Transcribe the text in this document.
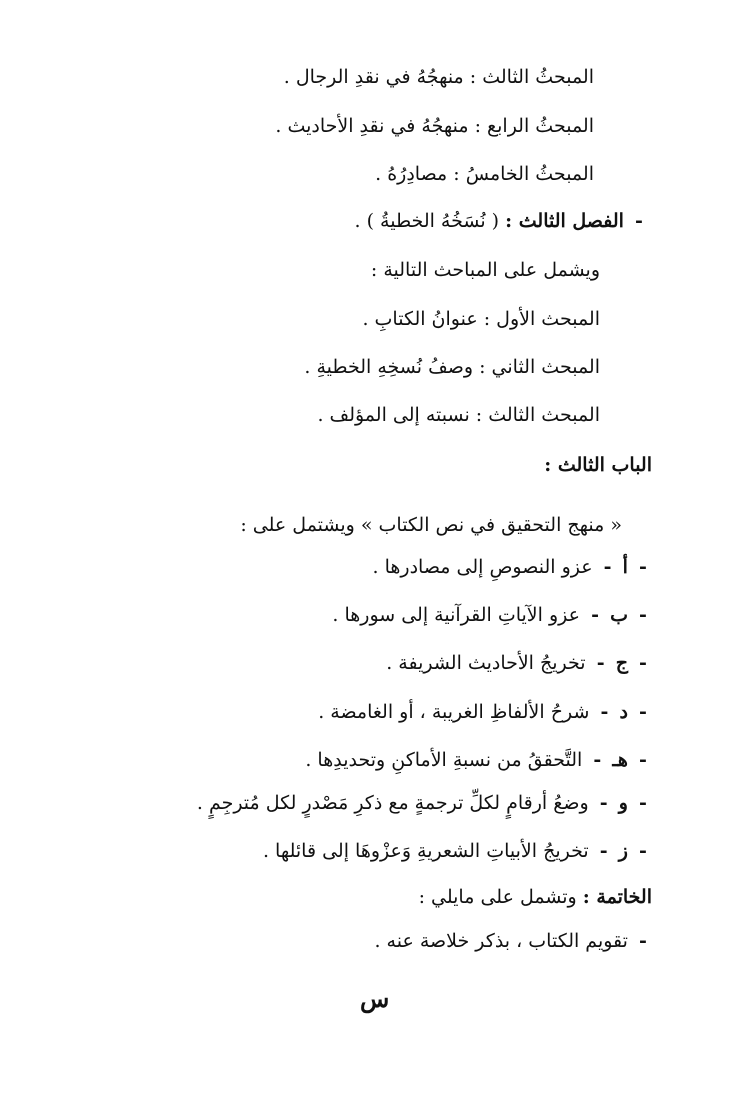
المبحثُ الثالث : منهجُهُ في نقدِ الرجال .
المبحثُ الرابع : منهجُهُ في نقدِ الأحاديث .
المبحثُ الخامسُ : مصادِرُهُ .
- الفصل الثالث : ( نُسَخُهُ الخطيةُ ) .
ويشمل على المباحث التالية :
المبحث الأول : عنوانُ الكتابِ .
المبحث الثاني : وصفُ نُسخِهِ الخطيةِ .
المبحث الثالث : نسبته إلى المؤلف .
الباب الثالث :
« منهج التحقيق في نص الكتاب » ويشتمل على :
- أ - عزو النصوصِ إلى مصادرها .
- ب - عزو الآياتِ القرآنية إلى سورها .
- ج - تخريجُ الأحاديث الشريفة .
- د - شرحُ الألفاظِ الغريبة ، أو الغامضة .
- هـ - التَّحققُ من نسبةِ الأماكنِ وتحديدِها .
- و - وضعُ أرقامٍ لكلِّ ترجمةٍ مع ذكرِ مَصْدرٍ لكل مُترجِمٍ .
- ز - تخريجُ الأبياتِ الشعريةِ وَعزْوهَا إلى قائلها .
الخاتمة : وتشمل على مايلي :
- تقويم الكتاب ، بذكر خلاصة عنه .
س
